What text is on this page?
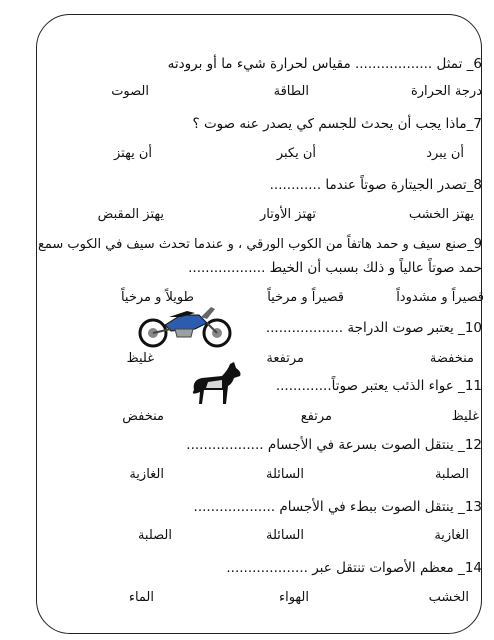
6_ تمثل .................. مقياس لحرارة شيء ما أو برودته
درجة الحرارة
الطاقة
الصوت
7_ماذا يجب أن يحدث للجسم كي يصدر عنه صوت ؟
أن يبرد
أن يكبر
أن يهتز
8_تصدر الجيتارة صوتاً عندما ............
يهتز الخشب
تهتز الأوتار
يهتز المقبض
9_صنع سيف و حمد هاتفاً من الكوب الورقي ، و عندما تحدث سيف في الكوب سمع
حمد صوتاً عالياً و ذلك بسبب أن الخيط ..................
قصيراً و مشدوداً
قصيراً و مرخياً
طويلاً و مرخياً
10_ يعتبر صوت الدراجة ..................
منخفضة
مرتفعة
غليظ
11_ عواء الذئب يعتبر صوتاً.............
غليظ
مرتفع
منخفض
12_ ينتقل الصوت بسرعة في الأجسام ..................
الصلبة
السائلة
الغازية
13_ ينتقل الصوت ببطء في الأجسام ...................
الغازية
السائلة
الصلبة
14_ معظم الأصوات تنتقل عبر ...................
الخشب
الهواء
الماء
